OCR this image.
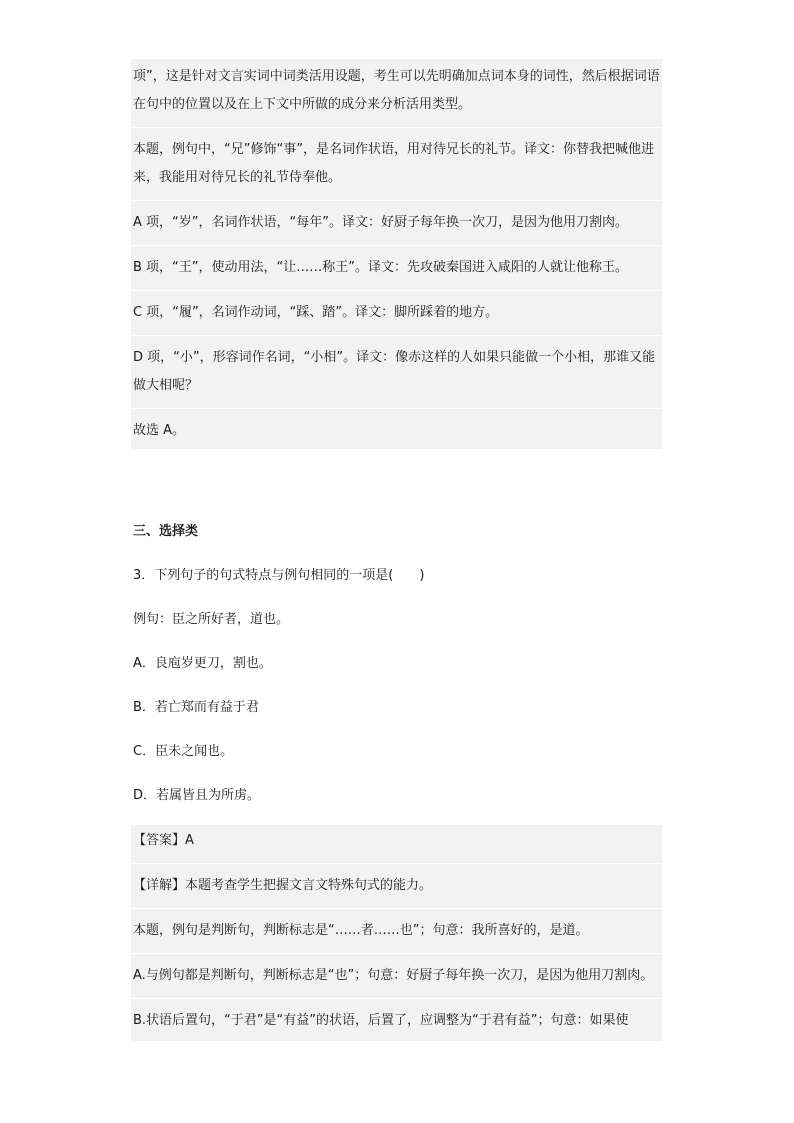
项”，这是针对文言实词中词类活用设题，考生可以先明确加点词本身的词性，然后根据词语在句中的位置以及在上下文中所做的成分来分析活用类型。

本题，例句中，“兄”修饰“事”，是名词作状语，用对待兄长的礼节。译文：你替我把喊他进来，我能用对待兄长的礼节侍奉他。

A 项，“岁”，名词作状语，“每年”。译文：好厨子每年换一次刀，是因为他用刀割肉。

B 项，“王”，使动用法，“让……称王”。译文：先攻破秦国进入咸阳的人就让他称王。

C 项，“履”，名词作动词，“踩、踏”。译文：脚所踩着的地方。

D 项，“小”，形容词作名词，“小相”。译文：像赤这样的人如果只能做一个小相，那谁又能做大相呢？

故选 A。

三、选择类

3．下列句子的句式特点与例句相同的一项是(　　)

例句：臣之所好者，道也。

A．良庖岁更刀，割也。

B．若亡郑而有益于君

C．臣未之闻也。

D．若属皆且为所虏。

【答案】A

【详解】本题考查学生把握文言文特殊句式的能力。

本题，例句是判断句，判断标志是“……者……也”；句意：我所喜好的，是道。

A.与例句都是判断句，判断标志是“也”；句意：好厨子每年换一次刀，是因为他用刀割肉。

B.状语后置句，“于君”是“有益”的状语，后置了，应调整为“于君有益”；句意：如果使
